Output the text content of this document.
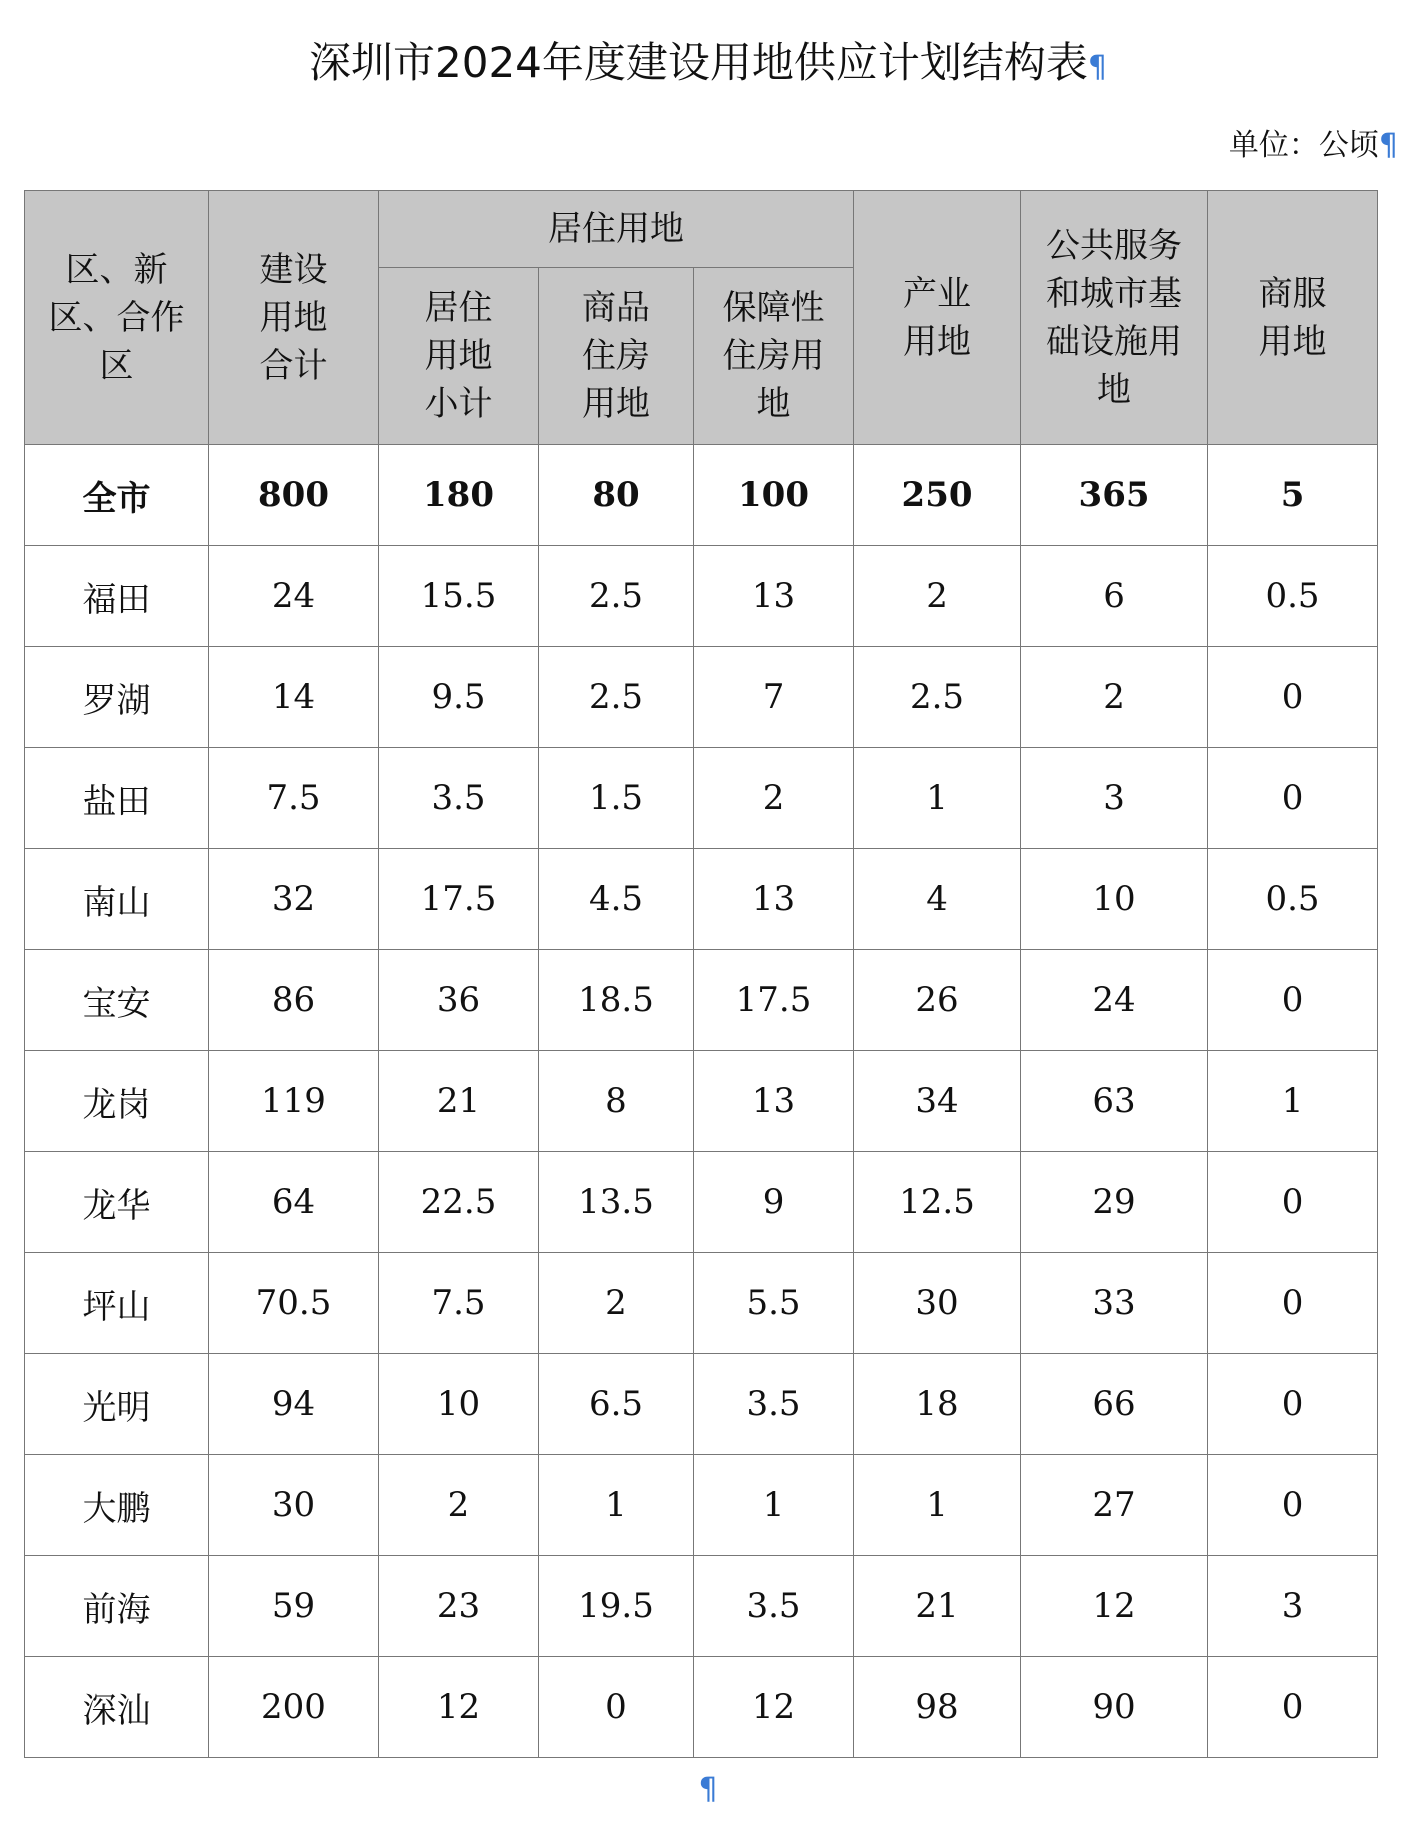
深圳市2024年度建设用地供应计划结构表¶
单位：公顷¶
区、新区、合作区	建设用地合计	居住用地			产业用地	公共服务和城市基础设施用地	商服用地

		居住用地小计	商品住房用地	保障性住房用地			

全市	800	180	80	100	250	365	5
福田	24	15.5	2.5	13	2	6	0.5
罗湖	14	9.5	2.5	7	2.5	2	0
盐田	7.5	3.5	1.5	2	1	3	0
南山	32	17.5	4.5	13	4	10	0.5
宝安	86	36	18.5	17.5	26	24	0
龙岗	119	21	8	13	34	63	1
龙华	64	22.5	13.5	9	12.5	29	0
坪山	70.5	7.5	2	5.5	30	33	0
光明	94	10	6.5	3.5	18	66	0
大鹏	30	2	1	1	1	27	0
前海	59	23	19.5	3.5	21	12	3
深汕	200	12	0	12	98	90	0
¶
